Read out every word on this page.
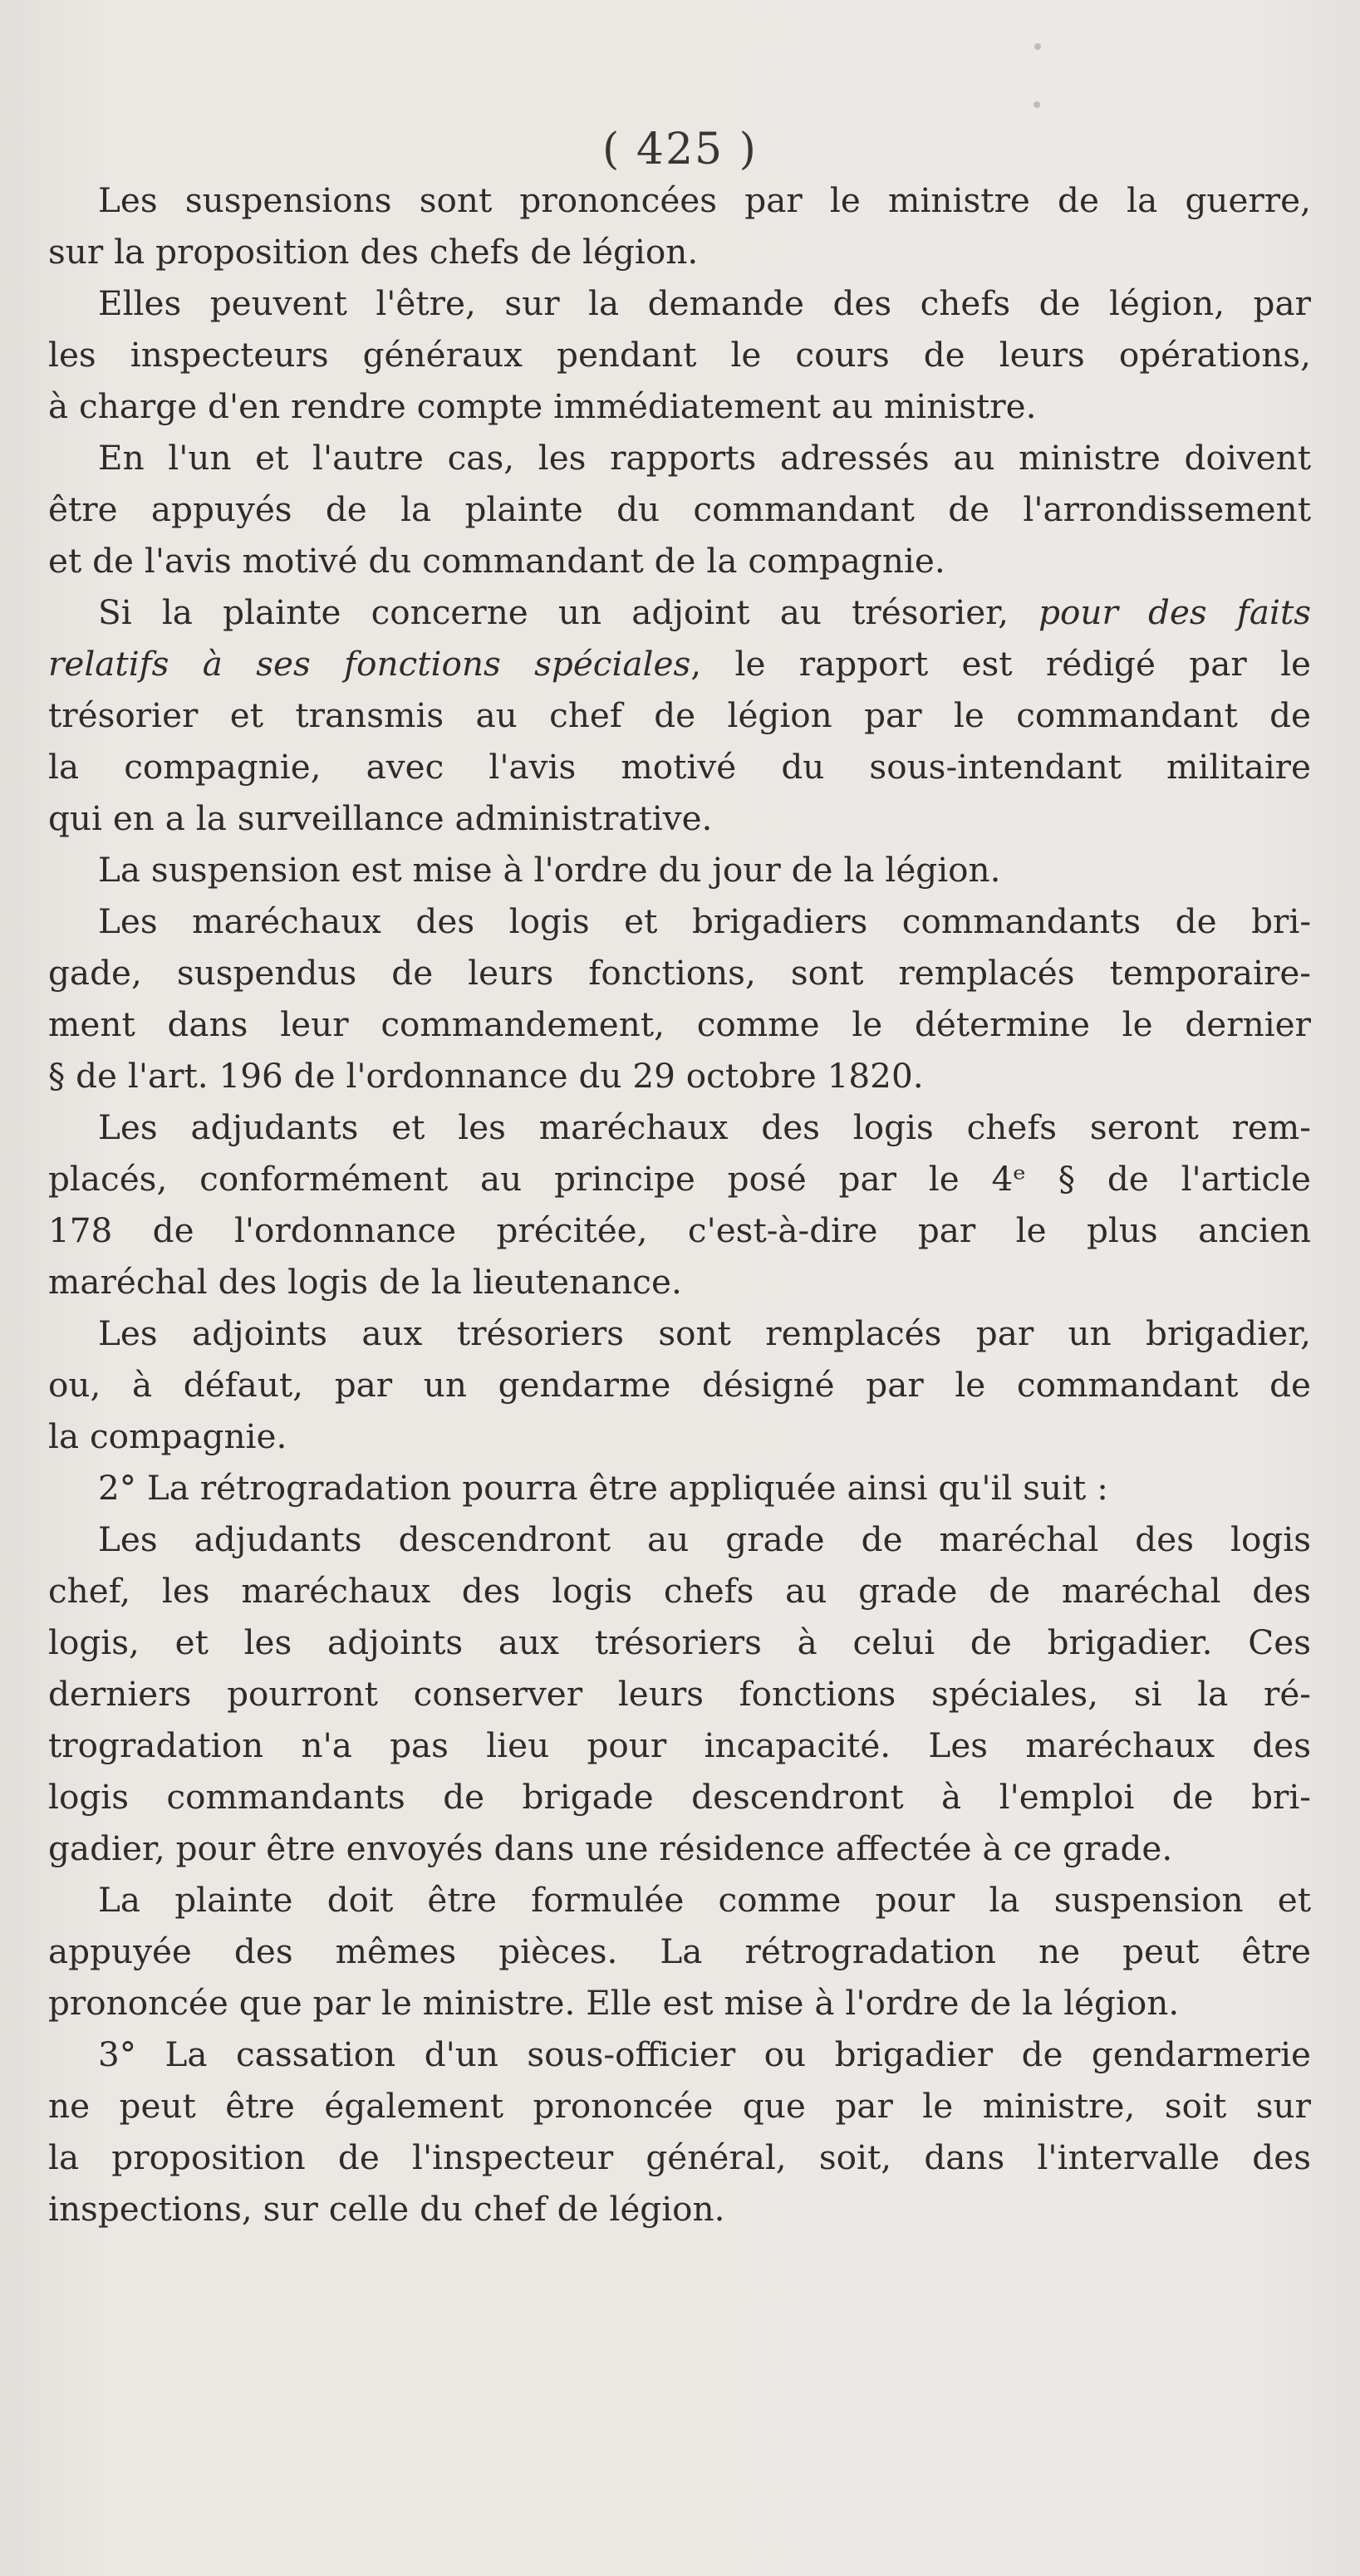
( 425 )
Les suspensions sont prononcées par le ministre de la guerre,
sur la proposition des chefs de légion.
Elles peuvent l'être, sur la demande des chefs de légion, par
les inspecteurs généraux pendant le cours de leurs opérations,
à charge d'en rendre compte immédiatement au ministre.
En l'un et l'autre cas, les rapports adressés au ministre doivent
être appuyés de la plainte du commandant de l'arrondissement
et de l'avis motivé du commandant de la compagnie.
Si la plainte concerne un adjoint au trésorier, pour des faits
relatifs à ses fonctions spéciales, le rapport est rédigé par le
trésorier et transmis au chef de légion par le commandant de
la compagnie, avec l'avis motivé du sous-intendant militaire
qui en a la surveillance administrative.
La suspension est mise à l'ordre du jour de la légion.
Les maréchaux des logis et brigadiers commandants de bri-
gade, suspendus de leurs fonctions, sont remplacés temporaire-
ment dans leur commandement, comme le détermine le dernier
§ de l'art. 196 de l'ordonnance du 29 octobre 1820.
Les adjudants et les maréchaux des logis chefs seront rem-
placés, conformément au principe posé par le 4ᵉ § de l'article
178 de l'ordonnance précitée, c'est-à-dire par le plus ancien
maréchal des logis de la lieutenance.
Les adjoints aux trésoriers sont remplacés par un brigadier,
ou, à défaut, par un gendarme désigné par le commandant de
la compagnie.
2° La rétrogradation pourra être appliquée ainsi qu'il suit :
Les adjudants descendront au grade de maréchal des logis
chef, les maréchaux des logis chefs au grade de maréchal des
logis, et les adjoints aux trésoriers à celui de brigadier. Ces
derniers pourront conserver leurs fonctions spéciales, si la ré-
trogradation n'a pas lieu pour incapacité. Les maréchaux des
logis commandants de brigade descendront à l'emploi de bri-
gadier, pour être envoyés dans une résidence affectée à ce grade.
La plainte doit être formulée comme pour la suspension et
appuyée des mêmes pièces. La rétrogradation ne peut être
prononcée que par le ministre. Elle est mise à l'ordre de la légion.
3° La cassation d'un sous-officier ou brigadier de gendarmerie
ne peut être également prononcée que par le ministre, soit sur
la proposition de l'inspecteur général, soit, dans l'intervalle des
inspections, sur celle du chef de légion.
